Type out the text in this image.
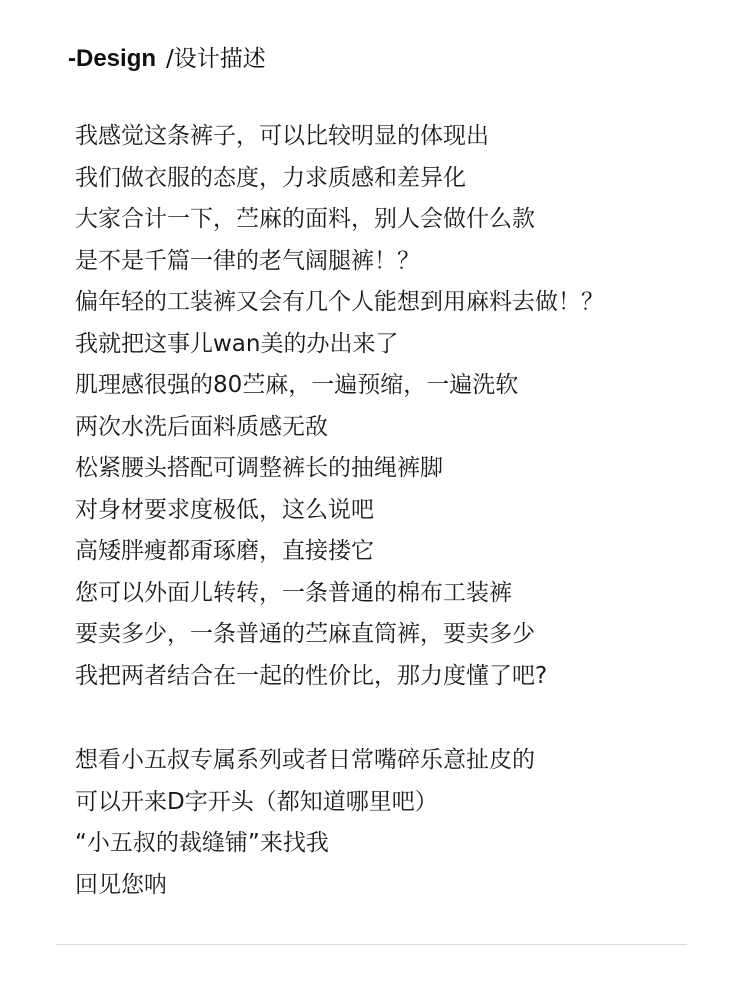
-Design /设计描述
我感觉这条裤子，可以比较明显的体现出
我们做衣服的态度，力求质感和差异化
大家合计一下，苎麻的面料，别人会做什么款
是不是千篇一律的老气阔腿裤！？
偏年轻的工装裤又会有几个人能想到用麻料去做！？
我就把这事儿wan美的办出来了
肌理感很强的80苎麻，一遍预缩，一遍洗软
两次水洗后面料质感无敌
松紧腰头搭配可调整裤长的抽绳裤脚
对身材要求度极低，这么说吧
高矮胖瘦都甭琢磨，直接搂它
您可以外面儿转转，一条普通的棉布工装裤
要卖多少，一条普通的苎麻直筒裤，要卖多少
我把两者结合在一起的性价比，那力度懂了吧?
想看小五叔专属系列或者日常嘴碎乐意扯皮的
可以开来D字开头（都知道哪里吧）
“小五叔的裁缝铺”来找我
回见您呐
